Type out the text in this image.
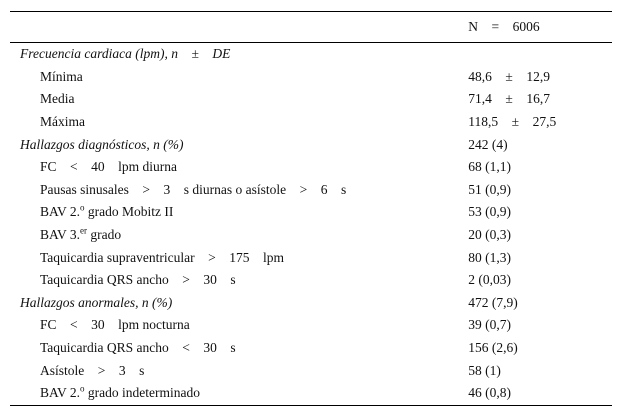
	N    =    6006
Frecuencia cardiaca (lpm), n    ±    DE	
Mínima	48,6    ±    12,9
Media	71,4    ±    16,7
Máxima	118,5    ±    27,5
Hallazgos diagnósticos, n (%)	242 (4)
FC    <    40    lpm diurna	68 (1,1)
Pausas sinusales    >    3    s diurnas o asístole    >    6    s	51 (0,9)
BAV 2.$^o$ grado Mobitz II	53 (0,9)
BAV 3.$^{er}$ grado	20 (0,3)
Taquicardia supraventricular    >    175    lpm	80 (1,3)
Taquicardia QRS ancho    >    30    s	2 (0,03)
Hallazgos anormales, n (%)	472 (7,9)
FC    <    30    lpm nocturna	39 (0,7)
Taquicardia QRS ancho    <    30    s	156 (2,6)
Asístole    >    3    s	58 (1)
BAV 2.$^o$ grado indeterminado	46 (0,8)
